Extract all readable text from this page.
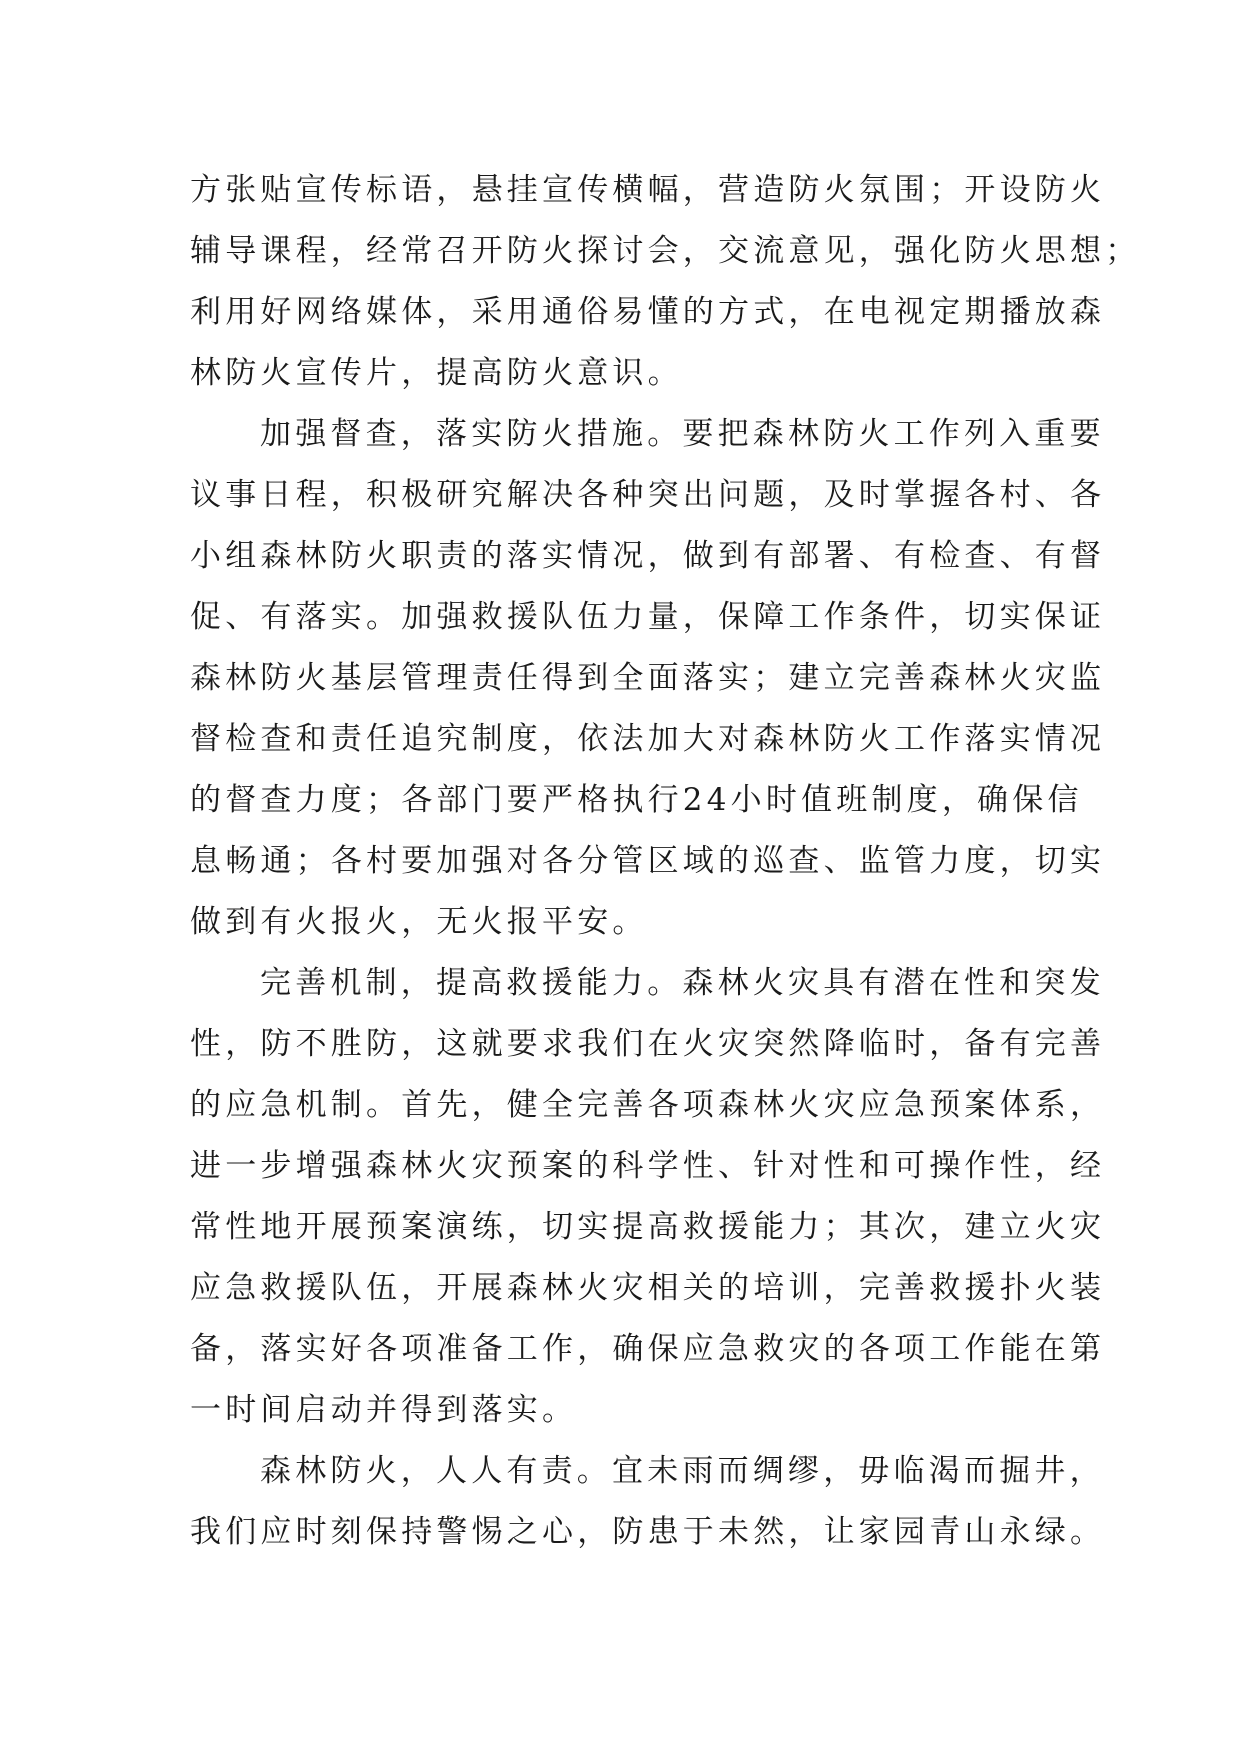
方张贴宣传标语，悬挂宣传横幅，营造防火氛围；开设防火
辅导课程，经常召开防火探讨会，交流意见，强化防火思想；
利用好网络媒体，采用通俗易懂的方式，在电视定期播放森
林防火宣传片，提高防火意识。
加强督查，落实防火措施。要把森林防火工作列入重要
议事日程，积极研究解决各种突出问题，及时掌握各村、各
小组森林防火职责的落实情况，做到有部署、有检查、有督
促、有落实。加强救援队伍力量，保障工作条件，切实保证
森林防火基层管理责任得到全面落实；建立完善森林火灾监
督检查和责任追究制度，依法加大对森林防火工作落实情况
的督查力度；各部门要严格执行24小时值班制度，确保信
息畅通；各村要加强对各分管区域的巡查、监管力度，切实
做到有火报火，无火报平安。
完善机制，提高救援能力。森林火灾具有潜在性和突发
性，防不胜防，这就要求我们在火灾突然降临时，备有完善
的应急机制。首先，健全完善各项森林火灾应急预案体系，
进一步增强森林火灾预案的科学性、针对性和可操作性，经
常性地开展预案演练，切实提高救援能力；其次，建立火灾
应急救援队伍，开展森林火灾相关的培训，完善救援扑火装
备，落实好各项准备工作，确保应急救灾的各项工作能在第
一时间启动并得到落实。
森林防火，人人有责。宜未雨而绸缪，毋临渴而掘井，
我们应时刻保持警惕之心，防患于未然，让家园青山永绿。
